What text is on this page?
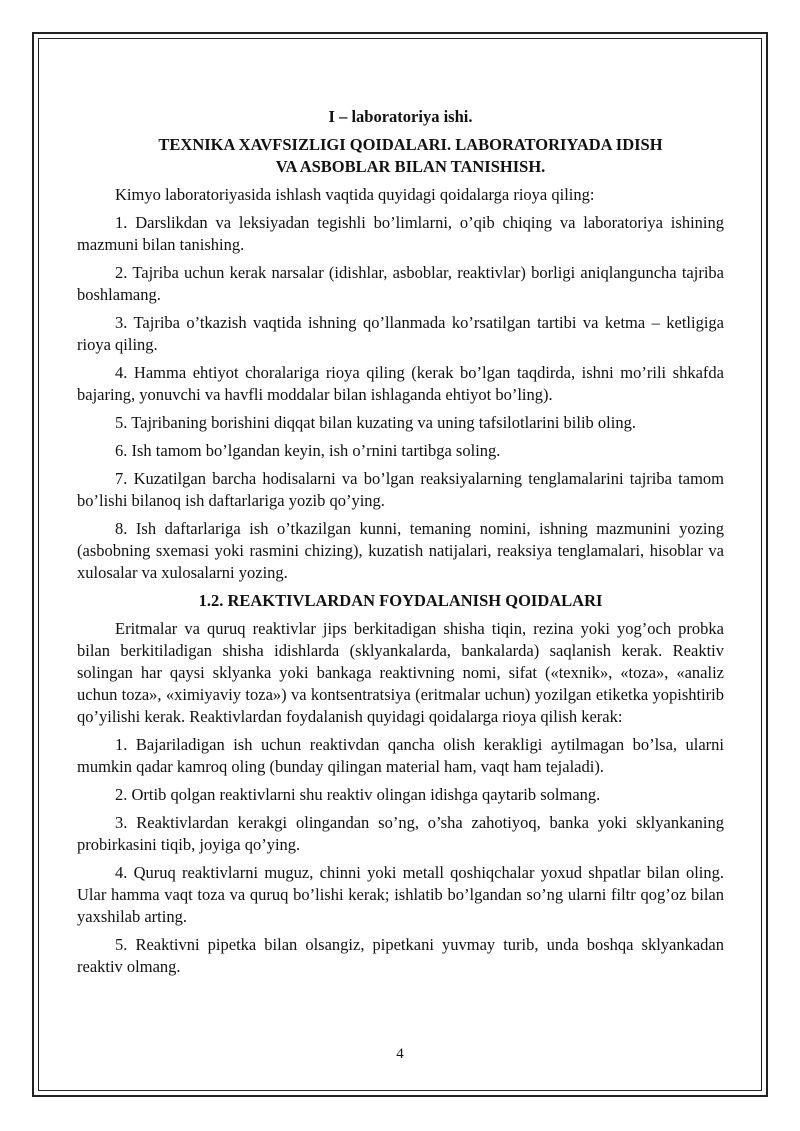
I – laboratoriya ishi.
TEXNIKA XAVFSIZLIGI QOIDALARI. LABORATORIYADA IDISH
VA ASBOBLAR BILAN TANISHISH.

Kimyo laboratoriyasida ishlash vaqtida quyidagi qoidalarga rioya qiling:

1. Darslikdan va leksiyadan tegishli bo’limlarni, o’qib chiqing va laboratoriya ishining mazmuni bilan tanishing.

2. Tajriba uchun kerak narsalar (idishlar, asboblar, reaktivlar) borligi aniqlanguncha tajriba boshlamang.

3. Tajriba o’tkazish vaqtida ishning qo’llanmada ko’rsatilgan tartibi va ketma – ketligiga rioya qiling.

4. Hamma ehtiyot choralariga rioya qiling (kerak bo’lgan taqdirda, ishni mo’rili shkafda bajaring, yonuvchi va havfli moddalar bilan ishlaganda ehtiyot bo’ling).

5. Tajribaning borishini diqqat bilan kuzating va uning tafsilotlarini bilib oling.

6. Ish tamom bo’lgandan keyin, ish o’rnini tartibga soling.

7. Kuzatilgan barcha hodisalarni va bo’lgan reaksiyalarning tenglamalarini tajriba tamom bo’lishi bilanoq ish daftarlariga yozib qo’ying.

8. Ish daftarlariga ish o’tkazilgan kunni, temaning nomini, ishning mazmunini yozing (asbobning sxemasi yoki rasmini chizing), kuzatish natijalari, reaksiya tenglamalari, hisoblar va xulosalar va xulosalarni yozing.

1.2. REAKTIVLARDAN FOYDALANISH QOIDALARI

Eritmalar va quruq reaktivlar jips berkitadigan shisha tiqin, rezina yoki yog’och probka bilan berkitiladigan shisha idishlarda (sklyankalarda, bankalarda) saqlanish kerak. Reaktiv solingan har qaysi sklyanka yoki bankaga reaktivning nomi, sifat («texnik», «toza», «analiz uchun toza», «ximiyaviy toza») va kontsentratsiya (eritmalar uchun) yozilgan etiketka yopishtirib qo’yilishi kerak. Reaktivlardan foydalanish quyidagi qoidalarga rioya qilish kerak:

1. Bajariladigan ish uchun reaktivdan qancha olish kerakligi aytilmagan bo’lsa, ularni mumkin qadar kamroq oling (bunday qilingan material ham, vaqt ham tejaladi).

2. Ortib qolgan reaktivlarni shu reaktiv olingan idishga qaytarib solmang.

3. Reaktivlardan kerakgi olingandan so’ng, o’sha zahotiyoq, banka yoki sklyankaning probirkasini tiqib, joyiga qo’ying.

4. Quruq reaktivlarni muguz, chinni yoki metall qoshiqchalar yoxud shpatlar bilan oling. Ular hamma vaqt toza va quruq bo’lishi kerak; ishlatib bo’lgandan so’ng ularni filtr qog’oz bilan yaxshilab arting.

5. Reaktivni pipetka bilan olsangiz, pipetkani yuvmay turib, unda boshqa sklyankadan reaktiv olmang.

4
